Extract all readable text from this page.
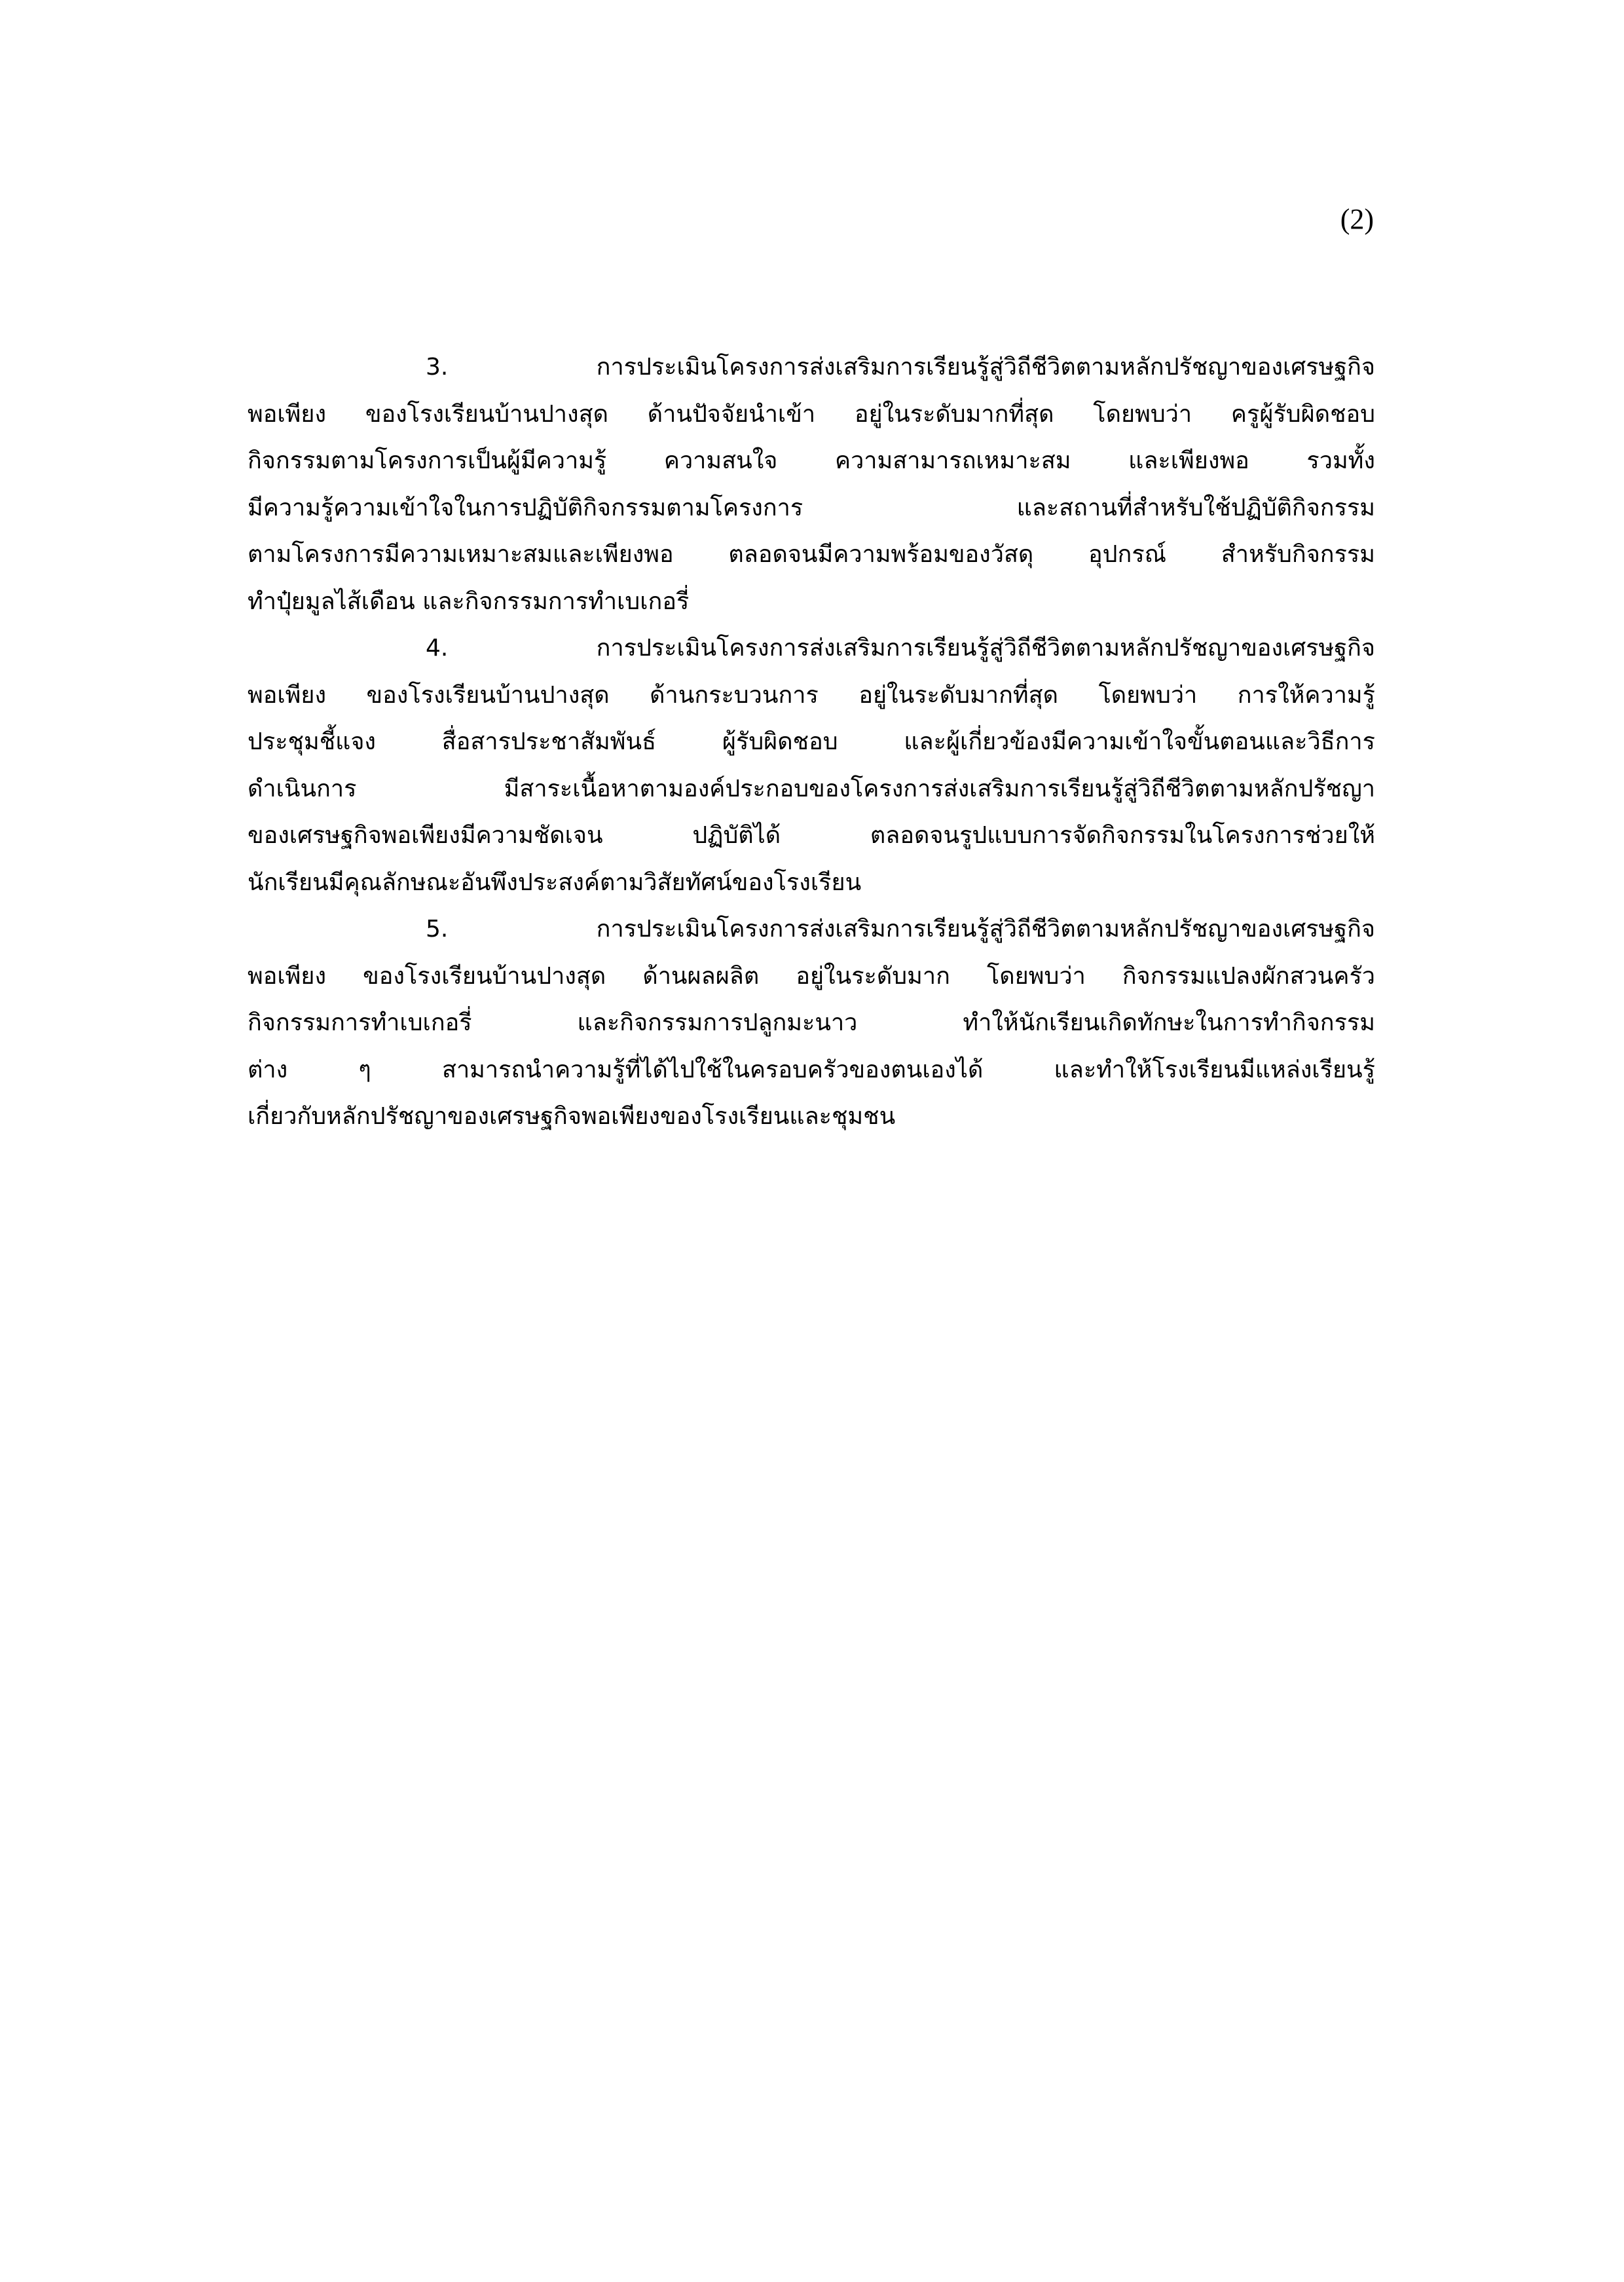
(2)
3. การประเมินโครงการส่งเสริมการเรียนรู้สู่วิถีชีวิตตามหลักปรัชญาของเศรษฐกิจ
พอเพียง ของโรงเรียนบ้านปางสุด ด้านปัจจัยนำเข้า อยู่ในระดับมากที่สุด โดยพบว่า ครูผู้รับผิดชอบ
กิจกรรมตามโครงการเป็นผู้มีความรู้ ความสนใจ ความสามารถเหมาะสม และเพียงพอ รวมทั้ง
มีความรู้ความเข้าใจในการปฏิบัติกิจกรรมตามโครงการ และสถานที่สำหรับใช้ปฏิบัติกิจกรรม
ตามโครงการมีความเหมาะสมและเพียงพอ ตลอดจนมีความพร้อมของวัสดุ อุปกรณ์ สำหรับกิจกรรม
ทำปุ๋ยมูลไส้เดือน และกิจกรรมการทำเบเกอรี่
4. การประเมินโครงการส่งเสริมการเรียนรู้สู่วิถีชีวิตตามหลักปรัชญาของเศรษฐกิจ
พอเพียง ของโรงเรียนบ้านปางสุด ด้านกระบวนการ อยู่ในระดับมากที่สุด โดยพบว่า การให้ความรู้
ประชุมชี้แจง สื่อสารประชาสัมพันธ์ ผู้รับผิดชอบ และผู้เกี่ยวข้องมีความเข้าใจขั้นตอนและวิธีการ
ดำเนินการ มีสาระเนื้อหาตามองค์ประกอบของโครงการส่งเสริมการเรียนรู้สู่วิถีชีวิตตามหลักปรัชญา
ของเศรษฐกิจพอเพียงมีความชัดเจน ปฏิบัติได้ ตลอดจนรูปแบบการจัดกิจกรรมในโครงการช่วยให้
นักเรียนมีคุณลักษณะอันพึงประสงค์ตามวิสัยทัศน์ของโรงเรียน
5. การประเมินโครงการส่งเสริมการเรียนรู้สู่วิถีชีวิตตามหลักปรัชญาของเศรษฐกิจ
พอเพียง ของโรงเรียนบ้านปางสุด ด้านผลผลิต อยู่ในระดับมาก โดยพบว่า กิจกรรมแปลงผักสวนครัว
กิจกรรมการทำเบเกอรี่ และกิจกรรมการปลูกมะนาว ทำให้นักเรียนเกิดทักษะในการทำกิจกรรม
ต่าง ๆ สามารถนำความรู้ที่ได้ไปใช้ในครอบครัวของตนเองได้ และทำให้โรงเรียนมีแหล่งเรียนรู้
เกี่ยวกับหลักปรัชญาของเศรษฐกิจพอเพียงของโรงเรียนและชุมชน
